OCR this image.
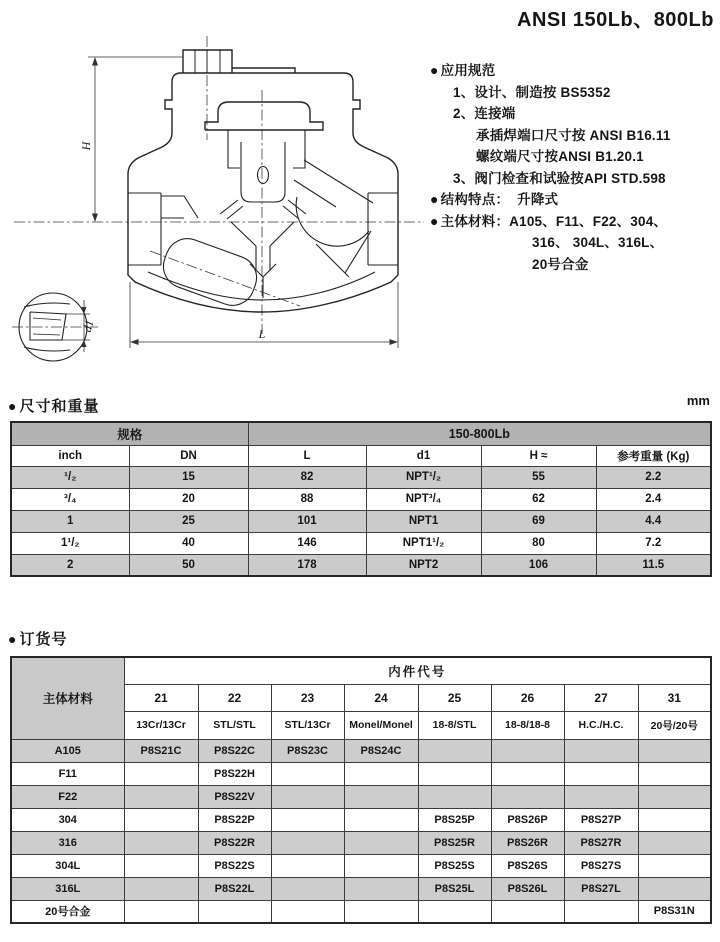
H
L
d1
ANSI 150Lb、800Lb
● 应用规范
1、设计、制造按 BS5352
2、连接端
承插焊端口尺寸按 ANSI B16.11
螺纹端尺寸按ANSI B1.20.1
3、阀门检查和试验按API STD.598
● 结构特点： 升降式
● 主体材料：A105、F11、F22、304、
316、 304L、316L、
20号合金
● 尺寸和重量	mm
规格		150-800Lb			
inch	DN	L	d1	H ≈	参考重量 (Kg)
¹/₂	15	82	NPT¹/₂	55	2.2
³/₄	20	88	NPT³/₄	62	2.4
1	25	101	NPT1	69	4.4
1¹/₂	40	146	NPT1¹/₂	80	7.2
2	50	178	NPT2	106	11.5
● 订货号
主体材料	内件代号							
	21	22	23	24	25	26	27	31
	13Cr/13Cr	STL/STL	STL/13Cr	Monel/Monel	18-8/STL	18-8/18-8	H.C./H.C.	20号/20号
A105	P8S21C	P8S22C	P8S23C	P8S24C				
F11		P8S22H						
F22		P8S22V						
304		P8S22P			P8S25P	P8S26P	P8S27P	
316		P8S22R			P8S25R	P8S26R	P8S27R	
304L		P8S22S			P8S25S	P8S26S	P8S27S	
316L		P8S22L			P8S25L	P8S26L	P8S27L	
20号合金								P8S31N
